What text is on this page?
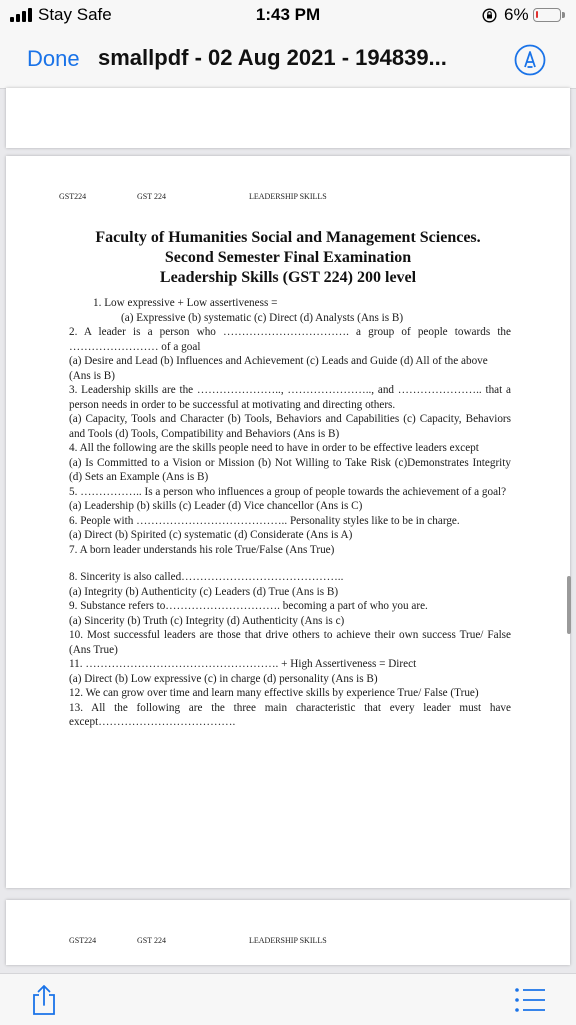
Stay Safe	1:43 PM	6%
Done smallpdf - 02 Aug 2021 - 194839...
GST224	GST 224	LEADERSHIP SKILLS
Faculty of Humanities Social and Management Sciences.
Second Semester Final Examination
Leadership Skills (GST 224) 200 level

1. Low expressive + Low assertiveness =

(a) Expressive (b) systematic (c) Direct (d) Analysts (Ans is B)

2. A leader is a person who ……………………………. a group of people towards the …………………… of a goal

(a) Desire and Lead (b) Influences and Achievement (c) Leads and Guide (d) All of the above (Ans is B)

3. Leadership skills are the ………………….., ………………….., and ………………….. that a person needs in order to be successful at motivating and directing others.

(a) Capacity, Tools and Character (b) Tools, Behaviors and Capabilities (c) Capacity, Behaviors and Tools (d) Tools, Compatibility and Behaviors (Ans is B)

4. All the following are the skills people need to have in order to be effective leaders except

(a) Is Committed to a Vision or Mission (b) Not Willing to Take Risk (c)Demonstrates Integrity (d) Sets an Example (Ans is B)

5. …………….. Is a person who influences a group of people towards the achievement of a goal?

(a) Leadership (b) skills (c) Leader (d) Vice chancellor (Ans is C)

6. People with ………………………………….. Personality styles like to be in charge.

(a) Direct (b) Spirited (c) systematic (d) Considerate (Ans is A)

7. A born leader understands his role True/False (Ans True)

8. Sincerity is also called……………………………………..

(a) Integrity (b) Authenticity (c) Leaders (d) True (Ans is B)

9. Substance refers to…………………………. becoming a part of who you are.

(a) Sincerity (b) Truth (c) Integrity (d) Authenticity (Ans is c)

10. Most successful leaders are those that drive others to achieve their own success True/ False (Ans True)

11. ……………………………………………. + High Assertiveness = Direct

(a) Direct (b) Low expressive (c) in charge (d) personality (Ans is B)

12. We can grow over time and learn many effective skills by experience True/ False (True)

13. All the following are the three main characteristic that every leader must have except……………………………….

GST224	GST 224	LEADERSHIP SKILLS
